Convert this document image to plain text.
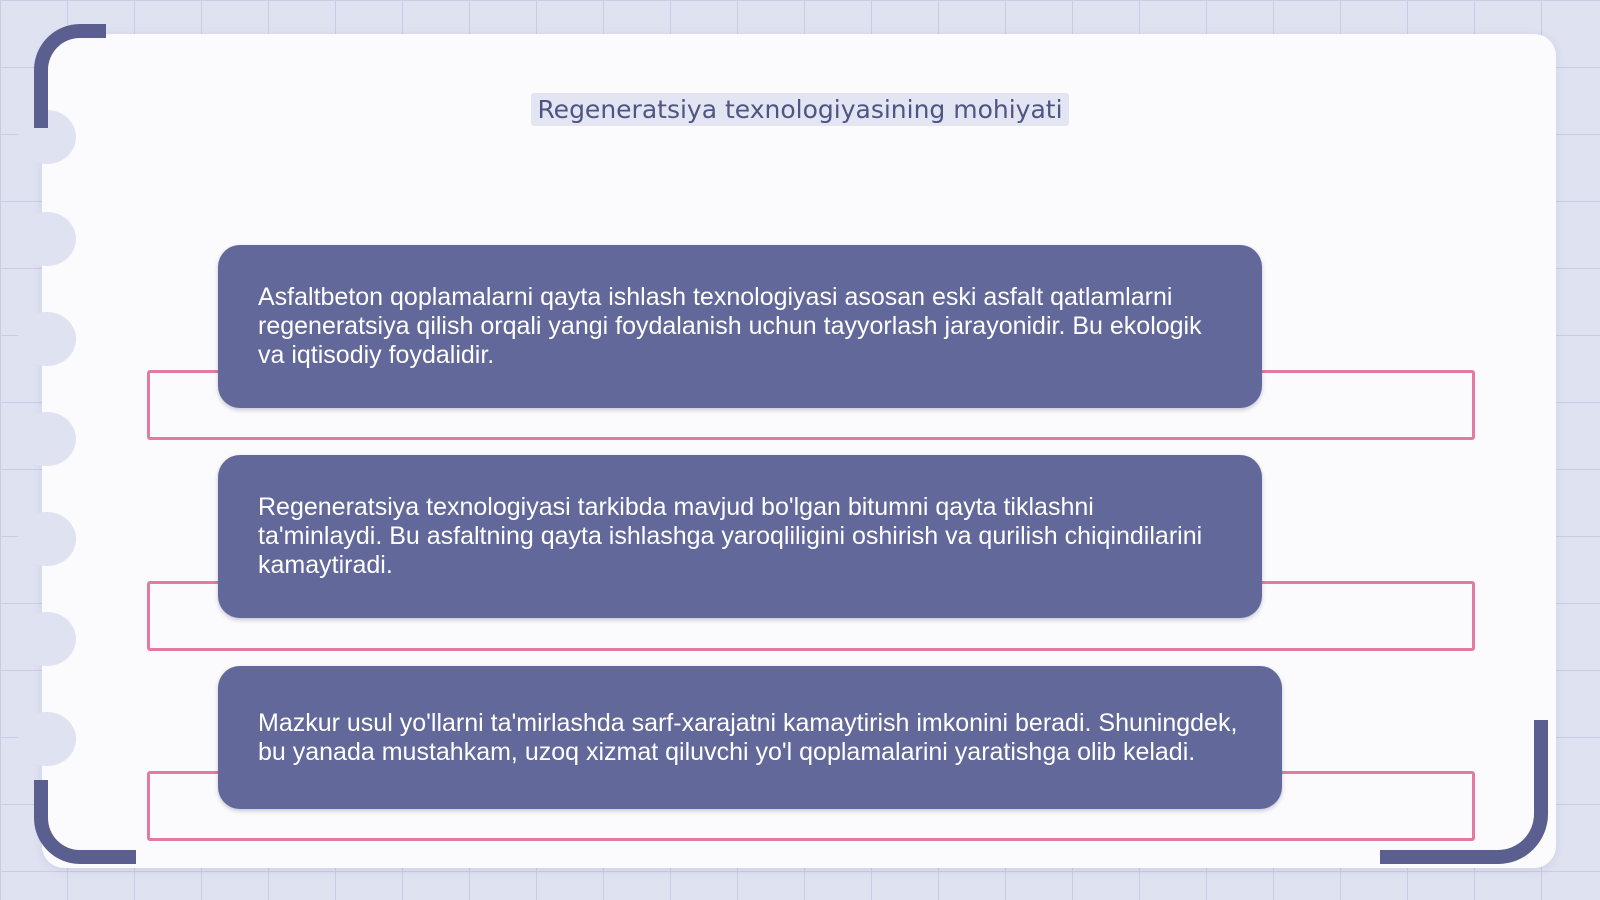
Regeneratsiya texnologiyasining mohiyati

Asfaltbeton qoplamalarni qayta ishlash texnologiyasi asosan eski asfalt qatlamlarni regeneratsiya qilish orqali yangi foydalanish uchun tayyorlash jarayonidir. Bu ekologik va iqtisodiy foydalidir.

Regeneratsiya texnologiyasi tarkibda mavjud bo'lgan bitumni qayta tiklashni ta'minlaydi. Bu asfaltning qayta ishlashga yaroqliligini oshirish va qurilish chiqindilarini kamaytiradi.

Mazkur usul yo'llarni ta'mirlashda sarf-xarajatni kamaytirish imkonini beradi. Shuningdek, bu yanada mustahkam, uzoq xizmat qiluvchi yo'l qoplamalarini yaratishga olib keladi.
